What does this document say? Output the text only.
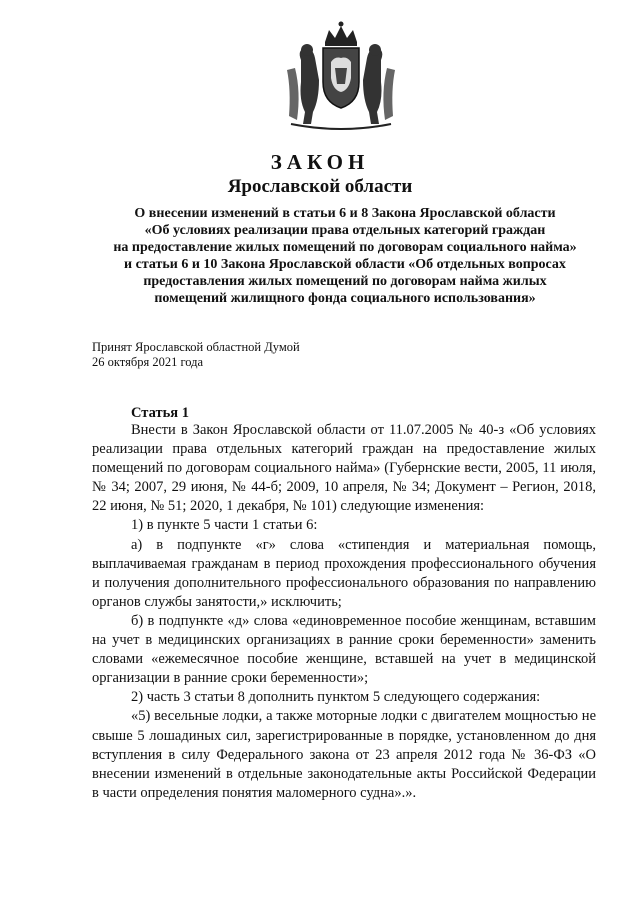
ЗАКОН
Ярославской области
О внесении изменений в статьи 6 и 8 Закона Ярославской области
«Об условиях реализации права отдельных категорий граждан
на предоставление жилых помещений по договорам социального найма»
и статьи 6 и 10 Закона Ярославской области «Об отдельных вопросах
предоставления жилых помещений по договорам найма жилых
помещений жилищного фонда социального использования»
Принят Ярославской областной Думой
26 октября 2021 года
Статья 1

Внести в Закон Ярославской области от 11.07.2005 № 40-з «Об условиях реализации права отдельных категорий граждан на предоставление жилых помещений по договорам социального найма» (Губернские вести, 2005, 11 июля, № 34; 2007, 29 июня, № 44-б; 2009, 10 апреля, № 34; Документ – Регион, 2018, 22 июня, № 51; 2020, 1 декабря, № 101) следующие изменения:

1) в пункте 5 части 1 статьи 6:

а) в подпункте «г» слова «стипендия и материальная помощь, выплачиваемая гражданам в период прохождения профессионального обучения и получения дополнительного профессионального образования по направлению органов службы занятости,» исключить;

б) в подпункте «д» слова «единовременное пособие женщинам, вставшим на учет в медицинских организациях в ранние сроки беременности» заменить словами «ежемесячное пособие женщине, вставшей на учет в медицинской организации в ранние сроки беременности»;

2) часть 3 статьи 8 дополнить пунктом 5 следующего содержания:

«5) весельные лодки, а также моторные лодки с двигателем мощностью не свыше 5 лошадиных сил, зарегистрированные в порядке, установленном до дня вступления в силу Федерального закона от 23 апреля 2012 года № 36-ФЗ «О внесении изменений в отдельные законодательные акты Российской Федерации в части определения понятия маломерного судна».».
